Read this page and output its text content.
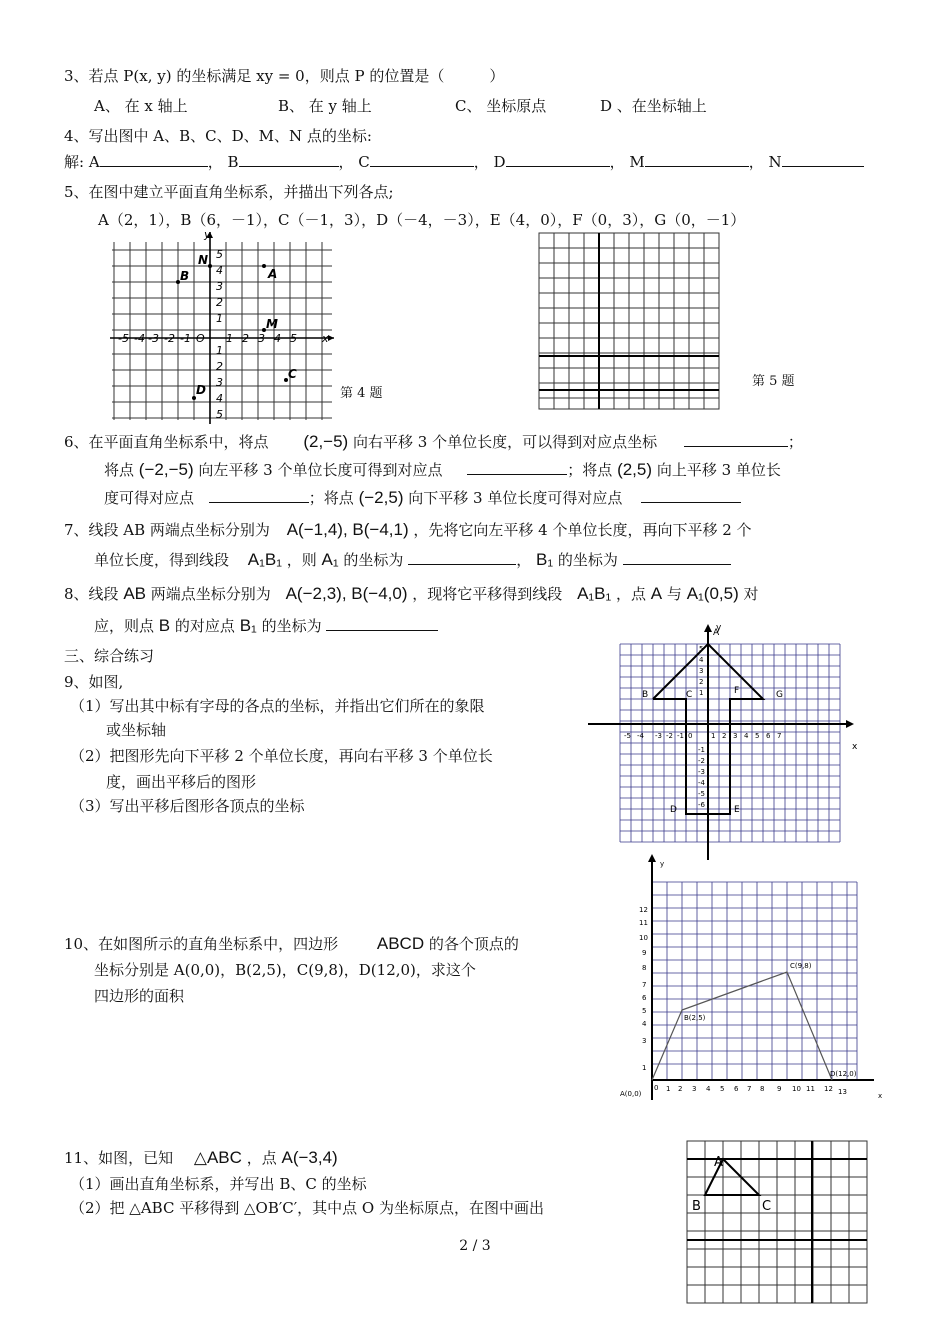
3、若点 P(x, y) 的坐标满足 xy = 0，则点 P 的位置是（　　　）
A、 在 x 轴上	B、 在 y 轴上	C、 坐标原点	D 、在坐标轴上
4、写出图中 A、B、C、D、M、N 点的坐标:
解: A	， B	， C	， D	， M	， N
5、在图中建立平面直角坐标系，并描出下列各点;
A（2，1），B（6，－1），C（－1，3），D（－4，－3），E（4，0），F（0，3），G（0，－1）
y
x
-5 -4 -3 -2 -1 O 1 2 3 4 5
5
4
3
2
1
1
2
3
4
5
B
N
A
M
D
C
第 4 题
第 5 题
6、在平面直角坐标系中，将点 (2,−5) 向右平移 3 个单位长度，可以得到对应点坐标	；
将点 (−2,−5) 向左平移 3 个单位长度可得到对应点	；将点 (2,5) 向上平移 3 单位长
度可得对应点	；将点 (−2,5) 向下平移 3 单位长度可得对应点
7、线段 AB 两端点坐标分别为 A(−1,4), B(−4,1) ，先将它向左平移 4 个单位长度，再向下平移 2 个
单位长度，得到线段 A₁B₁ ，则 A₁ 的坐标为	， B₁ 的坐标为
8、线段 AB 两端点坐标分别为 A(−2,3), B(−4,0) ，现将它平移得到线段 A₁B₁ ，点 A 与 A₁(0,5) 对
应，则点 B 的对应点 B₁ 的坐标为
三、综合练习
9、如图,
（1）写出其中标有字母的各点的坐标，并指出它们所在的象限
或坐标轴
（2）把图形先向下平移 2 个单位长度，再向右平移 3 个单位长
度，画出平移后的图形
（3）写出平移后图形各顶点的坐标
-5 -4 -3 -2 -1 0	1 2 3 4 5 6 7
5
4
3
2
1
-1
-2
-3
-4
-5
-6
x
y
A
B	C
D	E
F	G
10、在如图所示的直角坐标系中，四边形 ABCD 的各个顶点的
坐标分别是 A(0,0)，B(2,5)，C(9,8)，D(12,0)，求这个
四边形的面积
1 2 3 4 5 6 7 8 9 10 11 12 13
1
3
4
5
6
7
8
9
10
11
12
0
A(0,0)
B(2,5)
C(9,8)
D(12,0)
x
y
11、如图，已知 △ABC ，点 A(−3,4)
（1）画出直角坐标系，并写出 B、C 的坐标
（2）把 △ABC 平移得到 △OB′C′，其中点 O 为坐标原点，在图中画出
A
B	C
2 / 3
